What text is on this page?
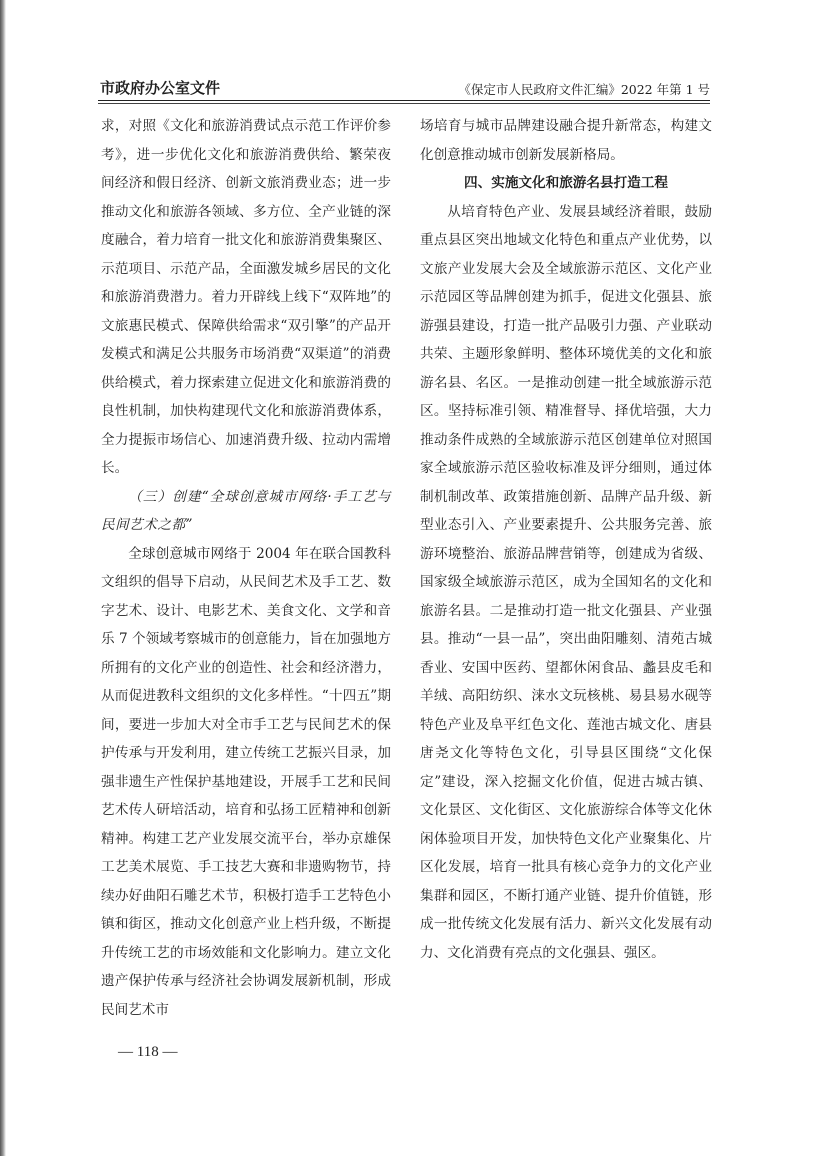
市政府办公室文件	《保定市人民政府文件汇编》2022 年第 1 号

求，对照《文化和旅游消费试点示范工作评价参考》，进一步优化文化和旅游消费供给、繁荣夜间经济和假日经济、创新文旅消费业态；进一步推动文化和旅游各领域、多方位、全产业链的深度融合，着力培育一批文化和旅游消费集聚区、示范项目、示范产品，全面激发城乡居民的文化和旅游消费潜力。着力开辟线上线下“双阵地”的文旅惠民模式、保障供给需求“双引擎”的产品开发模式和满足公共服务市场消费“双渠道”的消费供给模式，着力探索建立促进文化和旅游消费的良性机制，加快构建现代文化和旅游消费体系，全力提振市场信心、加速消费升级、拉动内需增长。

（三）创建“全球创意城市网络·手工艺与民间艺术之都”

全球创意城市网络于 2004 年在联合国教科文组织的倡导下启动，从民间艺术及手工艺、数字艺术、设计、电影艺术、美食文化、文学和音乐 7 个领域考察城市的创意能力，旨在加强地方所拥有的文化产业的创造性、社会和经济潜力，从而促进教科文组织的文化多样性。“十四五”期间，要进一步加大对全市手工艺与民间艺术的保护传承与开发利用，建立传统工艺振兴目录，加强非遗生产性保护基地建设，开展手工艺和民间艺术传人研培活动，培育和弘扬工匠精神和创新精神。构建工艺产业发展交流平台，举办京雄保工艺美术展览、手工技艺大赛和非遗购物节，持续办好曲阳石雕艺术节，积极打造手工艺特色小镇和街区，推动文化创意产业上档升级，不断提升传统工艺的市场效能和文化影响力。建立文化遗产保护传承与经济社会协调发展新机制，形成民间艺术市

场培育与城市品牌建设融合提升新常态，构建文化创意推动城市创新发展新格局。

四、实施文化和旅游名县打造工程

从培育特色产业、发展县域经济着眼，鼓励重点县区突出地域文化特色和重点产业优势，以文旅产业发展大会及全域旅游示范区、文化产业示范园区等品牌创建为抓手，促进文化强县、旅游强县建设，打造一批产品吸引力强、产业联动共荣、主题形象鲜明、整体环境优美的文化和旅游名县、名区。一是推动创建一批全域旅游示范区。坚持标准引领、精准督导、择优培强，大力推动条件成熟的全域旅游示范区创建单位对照国家全域旅游示范区验收标准及评分细则，通过体制机制改革、政策措施创新、品牌产品升级、新型业态引入、产业要素提升、公共服务完善、旅游环境整治、旅游品牌营销等，创建成为省级、国家级全域旅游示范区，成为全国知名的文化和旅游名县。二是推动打造一批文化强县、产业强县。推动“一县一品”，突出曲阳雕刻、清苑古城香业、安国中医药、望都休闲食品、蠡县皮毛和羊绒、高阳纺织、涞水文玩核桃、易县易水砚等特色产业及阜平红色文化、莲池古城文化、唐县唐尧文化等特色文化，引导县区围绕“文化保定”建设，深入挖掘文化价值，促进古城古镇、文化景区、文化街区、文化旅游综合体等文化休闲体验项目开发，加快特色文化产业聚集化、片区化发展，培育一批具有核心竞争力的文化产业集群和园区，不断打通产业链、提升价值链，形成一批传统文化发展有活力、新兴文化发展有动力、文化消费有亮点的文化强县、强区。

— 118 —
